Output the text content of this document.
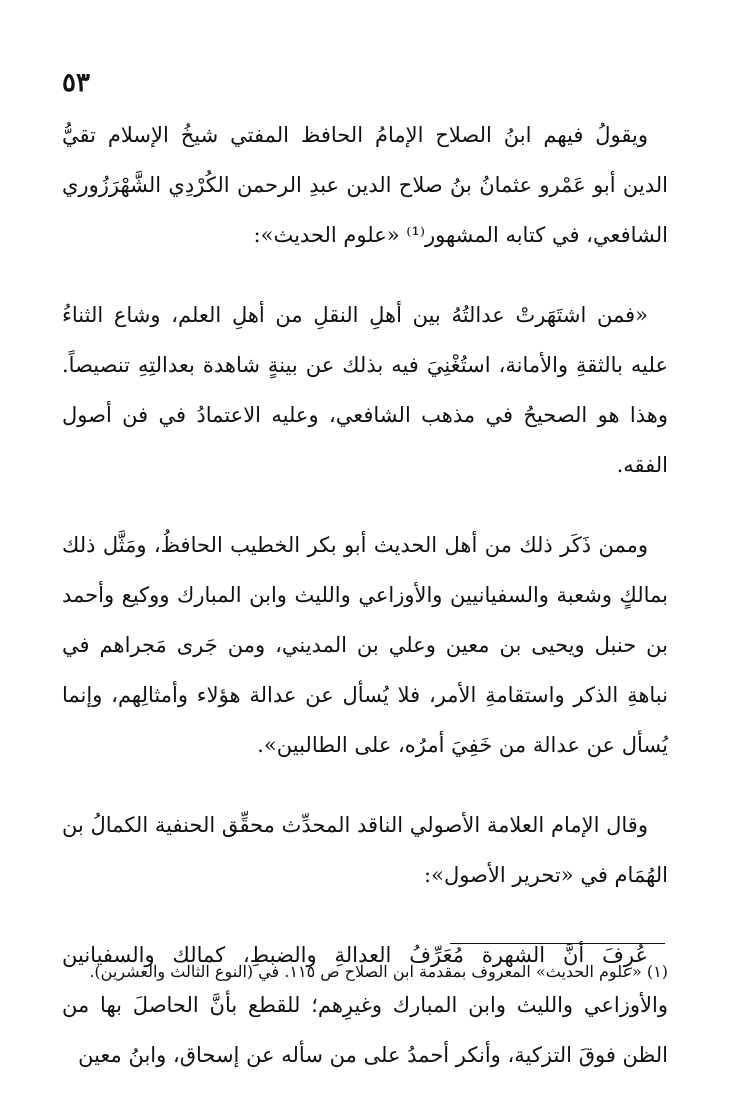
٥٣

ويقولُ فيهم ابنُ الصلاح الإمامُ الحافظ المفتي شيخُ الإسلام تقيُّ الدين أبو عَمْرو عثمانُ بنُ صلاح الدين عبدِ الرحمن الكُرْدِي الشَّهْرَزُوري الشافعي، في كتابه المشهور⁽¹⁾ «علوم الحديث»:

«فمن اشتَهَرتْ عدالتُهُ بين أهلِ النقلِ من أهلِ العلم، وشاع الثناءُ عليه بالثقةِ والأمانة، استُغْنِيَ فيه بذلك عن بينةٍ شاهدة بعدالتِهِ تنصيصاً. وهذا هو الصحيحُ في مذهب الشافعي، وعليه الاعتمادُ في فن أصول الفقه.

وممن ذَكَر ذلك من أهل الحديث أبو بكر الخطيب الحافظُ، ومَثَّل ذلك بمالكٍ وشعبة والسفيانيين والأوزاعي والليث وابن المبارك ووكيع وأحمد بن حنبل ويحيى بن معين وعلي بن المديني، ومن جَرى مَجراهم في نباهةِ الذكر واستقامةِ الأمر، فلا يُسأل عن عدالة هؤلاء وأمثالِهم، وإنما يُسأل عن عدالة من خَفِيَ أمرُه، على الطالبين».

وقال الإمام العلامة الأصولي الناقد المحدِّث محقِّق الحنفية الكمالُ بن الهُمَام في «تحرير الأصول»:

عُرِفَ أنَّ الشهرة مُعَرِّفُ العدالةِ والضبطِ، كمالك والسفيانين والأوزاعي والليث وابن المبارك وغيرِهم؛ للقطع بأنَّ الحاصلَ بها من الظن فوقَ التزكية، وأنكر أحمدُ على من سأله عن إسحاق، وابنُ معين

(١) «علوم الحديث» المعروف بمقدمة ابن الصلاح ص ١١٥. في (النوع الثالث والعشرين).
